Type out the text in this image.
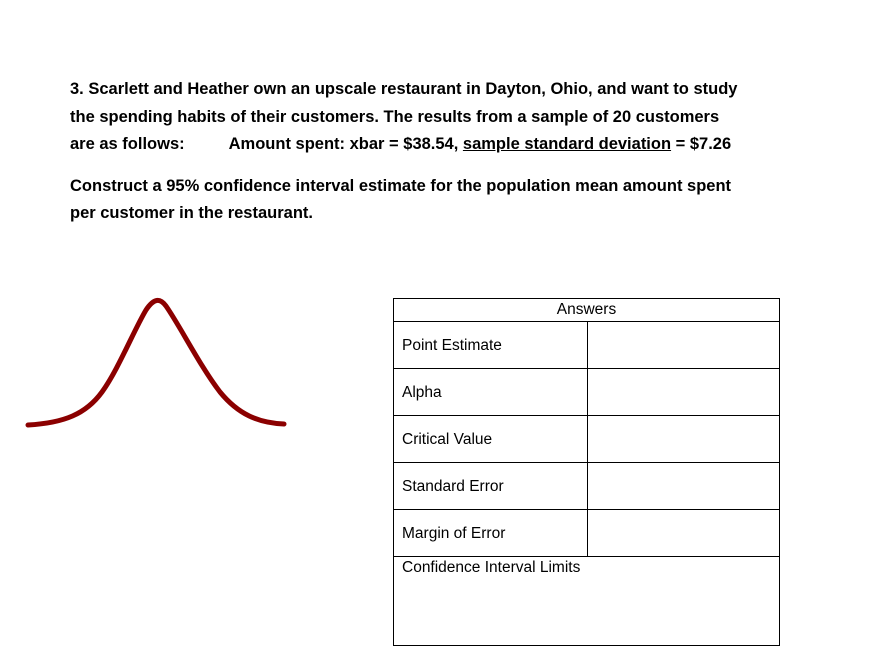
3. Scarlett and Heather own an upscale restaurant in Dayton, Ohio, and want to study
the spending habits of their customers. The results from a sample of 20 customers
are as follows:	Amount spent: xbar = $38.54, sample standard deviation = $7.26
Construct a 95% confidence interval estimate for the population mean amount spent
per customer in the restaurant.
Answers	
Point Estimate	
Alpha	
Critical Value	
Standard Error	
Margin of Error	
Confidence Interval Limits	
